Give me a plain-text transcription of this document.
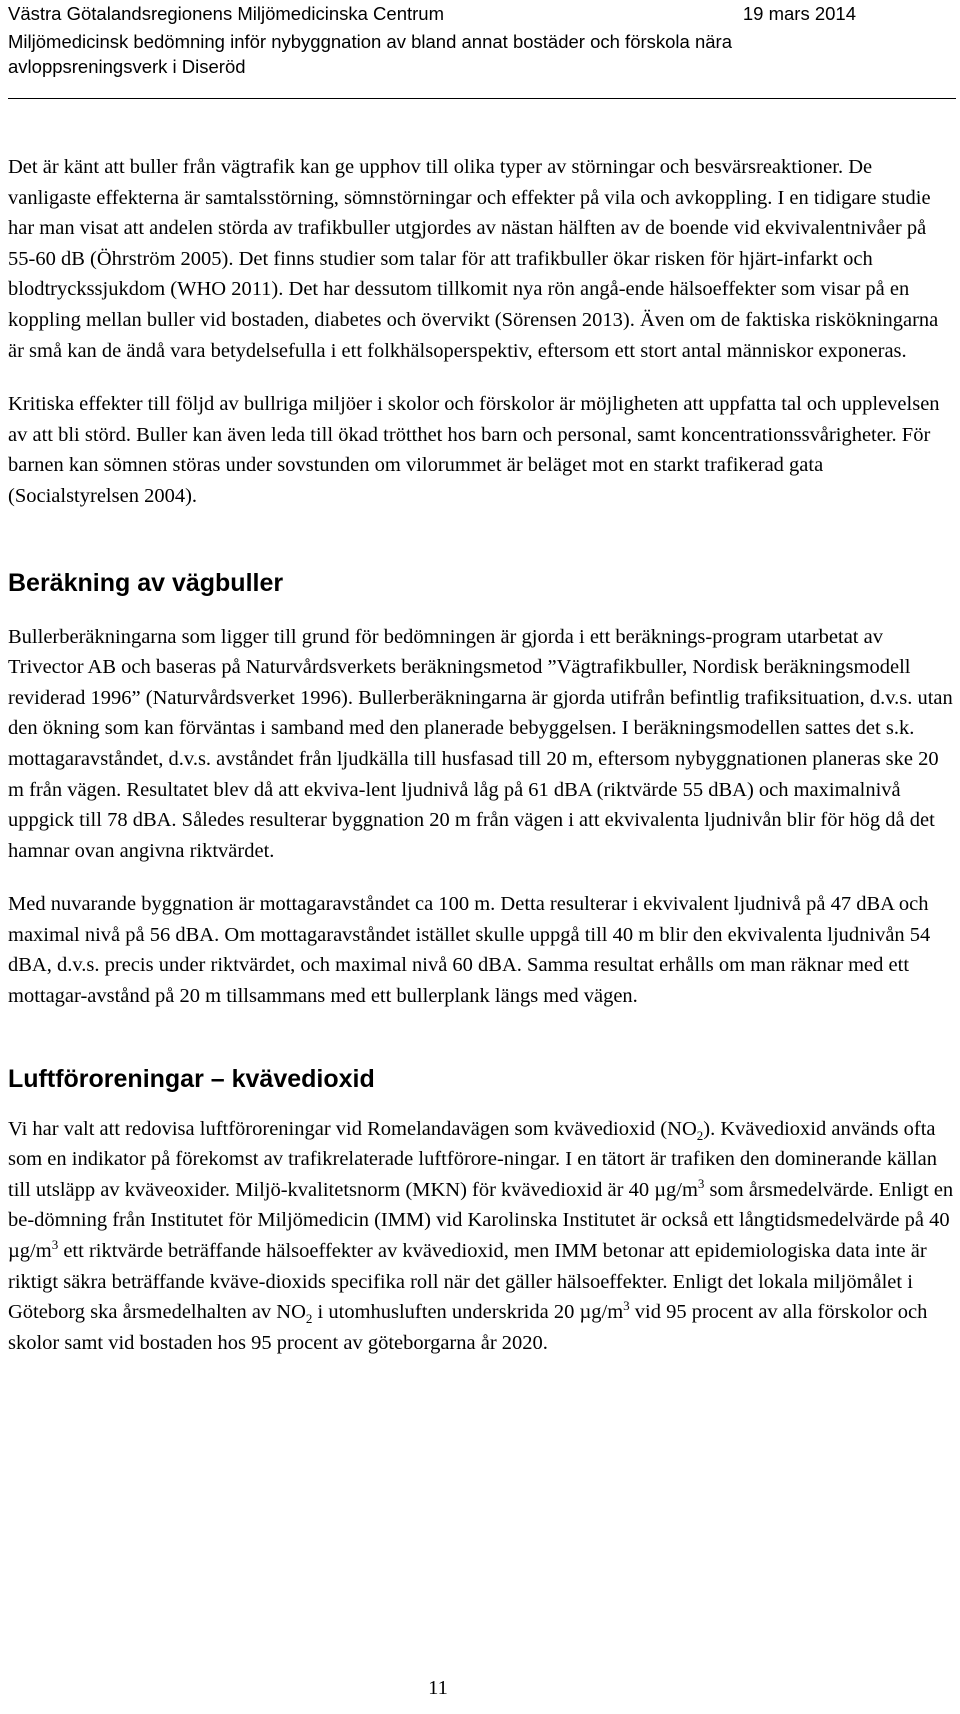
Västra Götalandsregionens Miljömedicinska Centrum	19 mars 2014
Miljömedicinsk bedömning inför nybyggnation av bland annat bostäder och förskola nära avloppsreningsverk i Diseröd

Det är känt att buller från vägtrafik kan ge upphov till olika typer av störningar och besvärsreaktioner. De vanligaste effekterna är samtalsstörning, sömnstörningar och effekter på vila och avkoppling. I en tidigare studie har man visat att andelen störda av trafikbuller utgjordes av nästan hälften av de boende vid ekvivalentnivåer på 55-60 dB (Öhrström 2005). Det finns studier som talar för att trafikbuller ökar risken för hjärt-infarkt och blodtryckssjukdom (WHO 2011). Det har dessutom tillkomit nya rön angå-ende hälsoeffekter som visar på en koppling mellan buller vid bostaden, diabetes och övervikt (Sörensen 2013). Även om de faktiska riskökningarna är små kan de ändå vara betydelsefulla i ett folkhälsoperspektiv, eftersom ett stort antal människor exponeras.

Kritiska effekter till följd av bullriga miljöer i skolor och förskolor är möjligheten att uppfatta tal och upplevelsen av att bli störd. Buller kan även leda till ökad trötthet hos barn och personal, samt koncentrationssvårigheter. För barnen kan sömnen störas under sovstunden om vilorummet är beläget mot en starkt trafikerad gata (Socialstyrelsen 2004).

Beräkning av vägbuller

Bullerberäkningarna som ligger till grund för bedömningen är gjorda i ett beräknings-program utarbetat av Trivector AB och baseras på Naturvårdsverkets beräkningsmetod ”Vägtrafikbuller, Nordisk beräkningsmodell reviderad 1996” (Naturvårdsverket 1996). Bullerberäkningarna är gjorda utifrån befintlig trafiksituation, d.v.s. utan den ökning som kan förväntas i samband med den planerade bebyggelsen. I beräkningsmodellen sattes det s.k. mottagaravståndet, d.v.s. avståndet från ljudkälla till husfasad till 20 m, eftersom nybyggnationen planeras ske 20 m från vägen. Resultatet blev då att ekviva-lent ljudnivå låg på 61 dBA (riktvärde 55 dBA) och maximalnivå uppgick till 78 dBA. Således resulterar byggnation 20 m från vägen i att ekvivalenta ljudnivån blir för hög då det hamnar ovan angivna riktvärdet.

Med nuvarande byggnation är mottagaravståndet ca 100 m. Detta resulterar i ekvivalent ljudnivå på 47 dBA och maximal nivå på 56 dBA. Om mottagaravståndet istället skulle uppgå till 40 m blir den ekvivalenta ljudnivån 54 dBA, d.v.s. precis under riktvärdet, och maximal nivå 60 dBA. Samma resultat erhålls om man räknar med ett mottagar-avstånd på 20 m tillsammans med ett bullerplank längs med vägen.

Luftföroreningar – kvävedioxid

Vi har valt att redovisa luftföroreningar vid Romelandavägen som kvävedioxid $(NO_2)$. Kvävedioxid används ofta som en indikator på förekomst av trafikrelaterade luftförore-ningar. I en tätort är trafiken den dominerande källan till utsläpp av kväveoxider. Miljö-kvalitetsnorm (MKN) för kvävedioxid är 40 $\mu g/m^3$ som årsmedelvärde. Enligt en be-dömning från Institutet för Miljömedicin (IMM) vid Karolinska Institutet är också ett långtidsmedelvärde på 40 $\mu g/m^3$ ett riktvärde beträffande hälsoeffekter av kvävedioxid, men IMM betonar att epidemiologiska data inte är riktigt säkra beträffande kväve-dioxids specifika roll när det gäller hälsoeffekter. Enligt det lokala miljömålet i Göteborg ska årsmedelhalten av $NO_2$ i utomhusluften underskrida 20 $\mu g/m^3$ vid 95 procent av alla förskolor och skolor samt vid bostaden hos 95 procent av göteborgarna år 2020.

11
